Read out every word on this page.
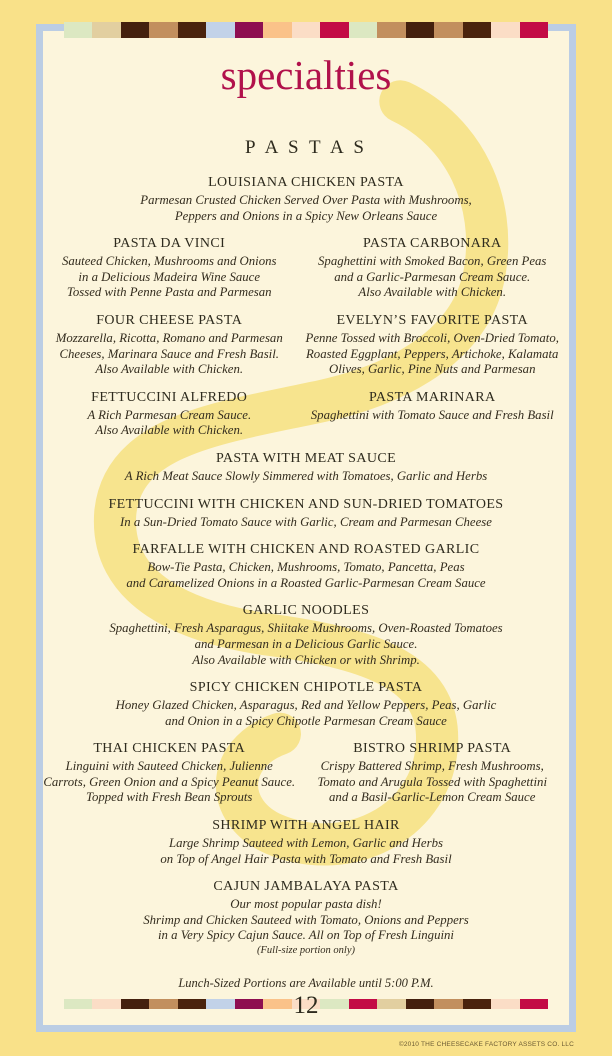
specialties
P A S T A S
LOUISIANA CHICKEN PASTA
Parmesan Crusted Chicken Served Over Pasta with Mushrooms,
Peppers and Onions in a Spicy New Orleans Sauce
PASTA DA VINCI
Sauteed Chicken, Mushrooms and Onions
in a Delicious Madeira Wine Sauce
Tossed with Penne Pasta and Parmesan
PASTA CARBONARA
Spaghettini with Smoked Bacon, Green Peas
and a Garlic-Parmesan Cream Sauce.
Also Available with Chicken.
FOUR CHEESE PASTA
Mozzarella, Ricotta, Romano and Parmesan
Cheeses, Marinara Sauce and Fresh Basil.
Also Available with Chicken.
EVELYN’S FAVORITE PASTA
Penne Tossed with Broccoli, Oven-Dried Tomato,
Roasted Eggplant, Peppers, Artichoke, Kalamata
Olives, Garlic, Pine Nuts and Parmesan
FETTUCCINI ALFREDO
A Rich Parmesan Cream Sauce.
Also Available with Chicken.
PASTA MARINARA
Spaghettini with Tomato Sauce and Fresh Basil
PASTA WITH MEAT SAUCE
A Rich Meat Sauce Slowly Simmered with Tomatoes, Garlic and Herbs
FETTUCCINI WITH CHICKEN AND SUN-DRIED TOMATOES
In a Sun-Dried Tomato Sauce with Garlic, Cream and Parmesan Cheese
FARFALLE WITH CHICKEN AND ROASTED GARLIC
Bow-Tie Pasta, Chicken, Mushrooms, Tomato, Pancetta, Peas
and Caramelized Onions in a Roasted Garlic-Parmesan Cream Sauce
GARLIC NOODLES
Spaghettini, Fresh Asparagus, Shiitake Mushrooms, Oven-Roasted Tomatoes
and Parmesan in a Delicious Garlic Sauce.
Also Available with Chicken or with Shrimp.
SPICY CHICKEN CHIPOTLE PASTA
Honey Glazed Chicken, Asparagus, Red and Yellow Peppers, Peas, Garlic
and Onion in a Spicy Chipotle Parmesan Cream Sauce
THAI CHICKEN PASTA
Linguini with Sauteed Chicken, Julienne
Carrots, Green Onion and a Spicy Peanut Sauce.
Topped with Fresh Bean Sprouts
BISTRO SHRIMP PASTA
Crispy Battered Shrimp, Fresh Mushrooms,
Tomato and Arugula Tossed with Spaghettini
and a Basil-Garlic-Lemon Cream Sauce
SHRIMP WITH ANGEL HAIR
Large Shrimp Sauteed with Lemon, Garlic and Herbs
on Top of Angel Hair Pasta with Tomato and Fresh Basil
CAJUN JAMBALAYA PASTA
Our most popular pasta dish!
Shrimp and Chicken Sauteed with Tomato, Onions and Peppers
in a Very Spicy Cajun Sauce. All on Top of Fresh Linguini
(Full-size portion only)
Lunch-Sized Portions are Available until 5:00 P.M.
12
©2010 THE CHEESECAKE FACTORY ASSETS CO. LLC
